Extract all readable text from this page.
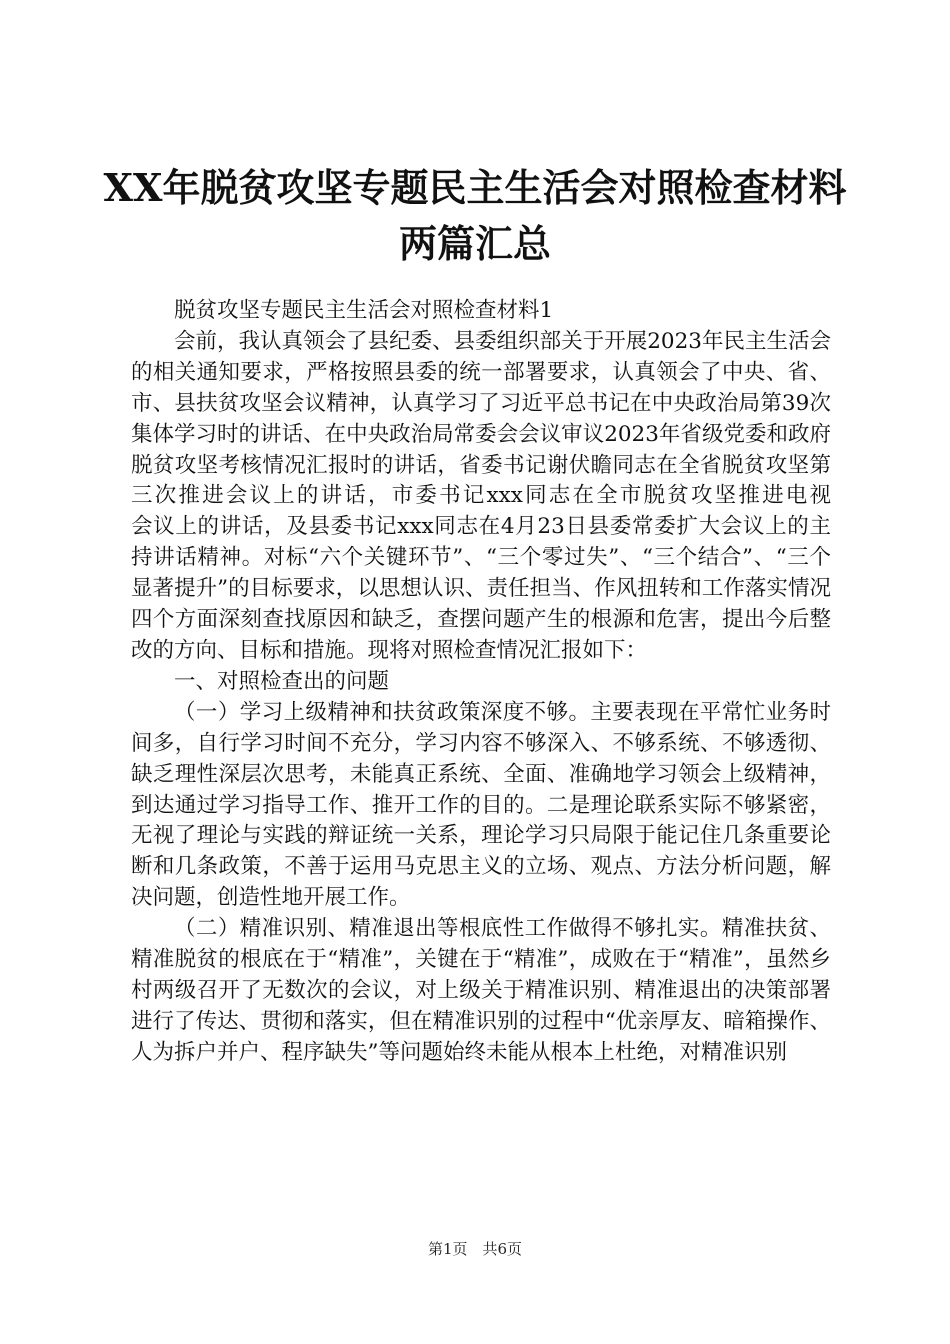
XX年脱贫攻坚专题民主生活会对照检查材料
两篇汇总

脱贫攻坚专题民主生活会对照检查材料1

会前，我认真领会了县纪委、县委组织部关于开展2023年民主生活会的相关通知要求，严格按照县委的统一部署要求，认真领会了中央、省、市、县扶贫攻坚会议精神，认真学习了习近平总书记在中央政治局第39次集体学习时的讲话、在中央政治局常委会会议审议2023年省级党委和政府脱贫攻坚考核情况汇报时的讲话，省委书记谢伏瞻同志在全省脱贫攻坚第三次推进会议上的讲话，市委书记xxx同志在全市脱贫攻坚推进电视　　会议上的讲话，及县委书记xxx同志在4月23日县委常委扩大会议上的主持讲话精神。对标“六个关键环节”、“三个零过失”、“三个结合”、“三个显著提升”的目标要求，以思想认识、责任担当、作风扭转和工作落实情况四个方面深刻查找原因和缺乏，查摆问题产生的根源和危害，提出今后整改的方向、目标和措施。现将对照检查情况汇报如下：

一、对照检查出的问题

（一）学习上级精神和扶贫政策深度不够。主要表现在平常忙业务时间多，自行学习时间不充分，学习内容不够深入、不够系统、不够透彻、缺乏理性深层次思考，未能真正系统、全面、准确地学习领会上级精神，到达通过学习指导工作、推开工作的目的。二是理论联系实际不够紧密，无视了理论与实践的辩证统一关系，理论学习只局限于能记住几条重要论断和几条政策，不善于运用马克思主义的立场、观点、方法分析问题，解决问题，创造性地开展工作。

（二）精准识别、精准退出等根底性工作做得不够扎实。精准扶贫、精准脱贫的根底在于“精准”，关键在于“精准”，成败在于“精准”，虽然乡村两级召开了无数次的会议，对上级关于精准识别、精准退出的决策部署进行了传达、贯彻和落实，但在精准识别的过程中“优亲厚友、暗箱操作、人为拆户并户、程序缺失”等问题始终未能从根本上杜绝，对精准识别

第1页　共6页
